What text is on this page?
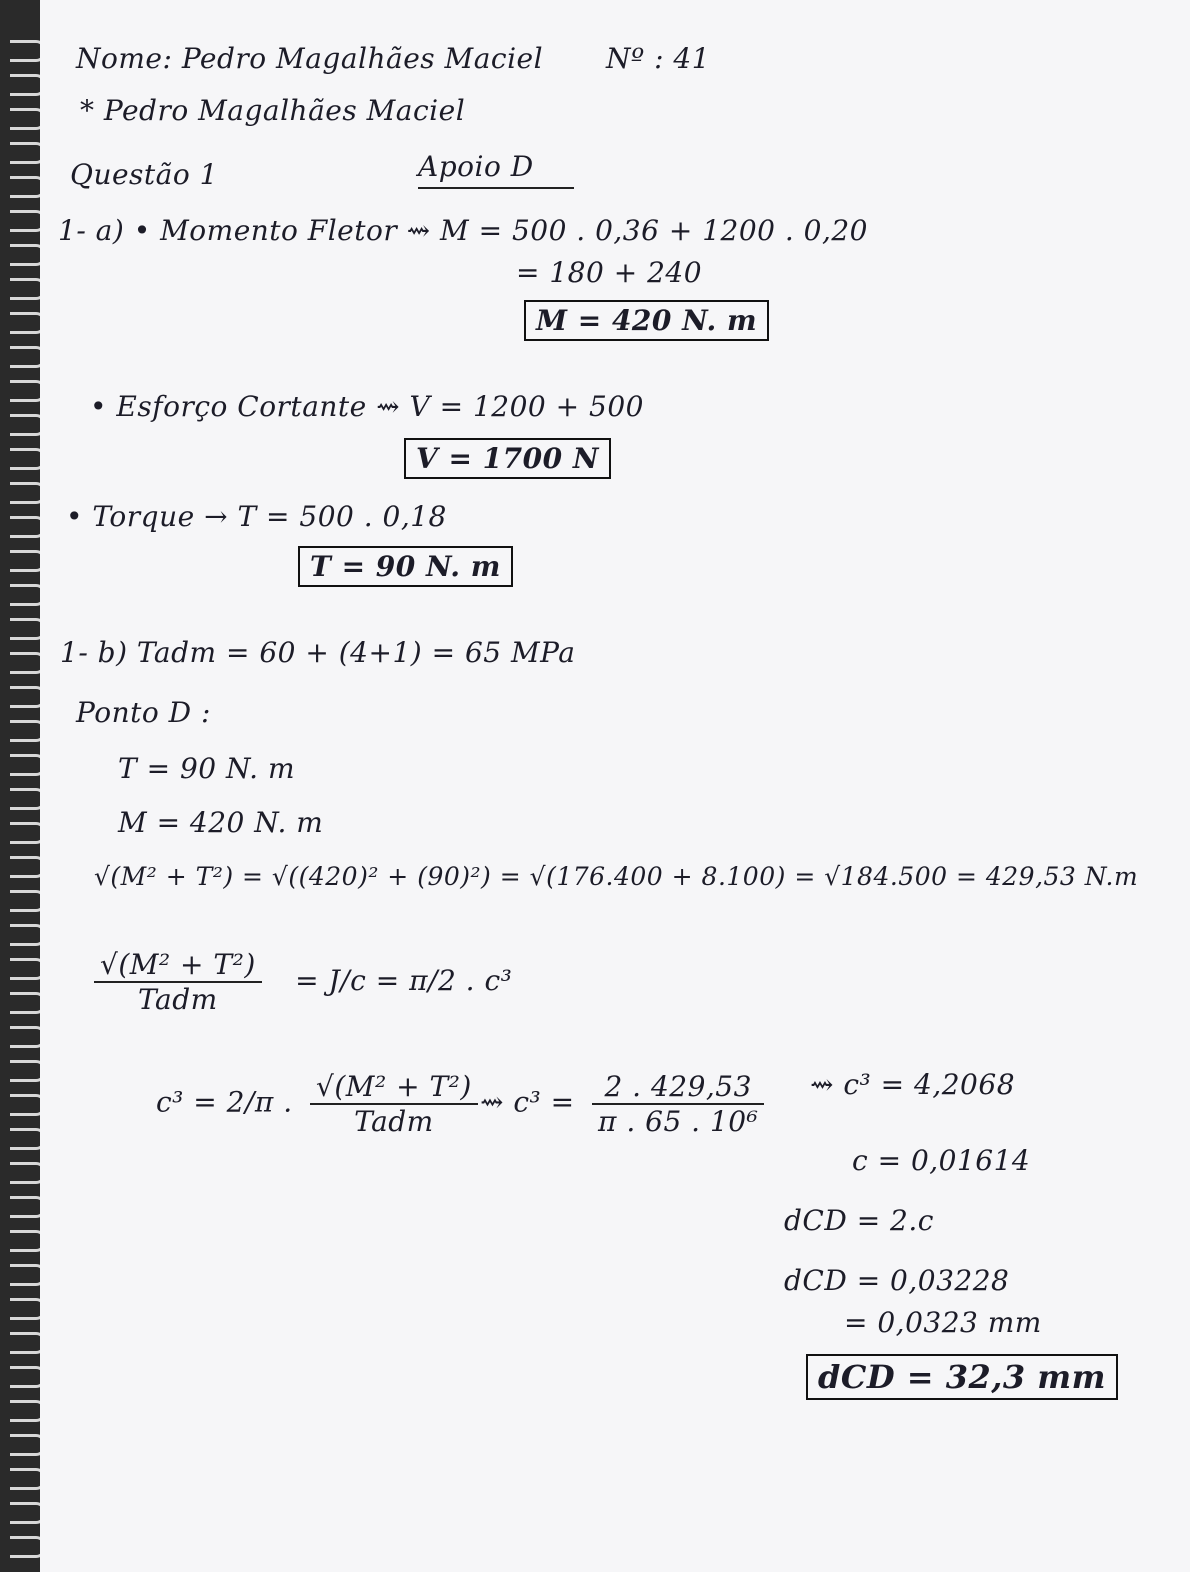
Nome: Pedro Magalhães Maciel Nº : 41
* Pedro Magalhães Maciel
Questão 1	Apoio D
1- a) • Momento Fletor ⇝ M = 500 . 0,36 + 1200 . 0,20
= 180 + 240
M = 420 N. m
• Esforço Cortante ⇝ V = 1200 + 500
V = 1700 N
• Torque → T = 500 . 0,18
T = 90 N. m
1- b) Tadm = 60 + (4+1) = 65 MPa
Ponto D :
T = 90 N. m
M = 420 N. m
√(M² + T²) = √((420)² + (90)²) = √(176.400 + 8.100) = √184.500 = 429,53 N.m
$\frac{\text{√(M² + T²)}}{\text{Tadm}} = J/c = \pi/2$ . c³
c³ = 2/π . $\frac{\text{√(M² + T²)}}{\text{Tadm}}$ ⇝ $c^3 = \frac{2 . 429,53}{\text{π . 65 . 10⁶}}$ ⇝ c³ = 4,2068
c = 0,01614
dCD = 2.c
dCD = 0,03228
= 0,0323 mm
dCD = 32,3 mm
